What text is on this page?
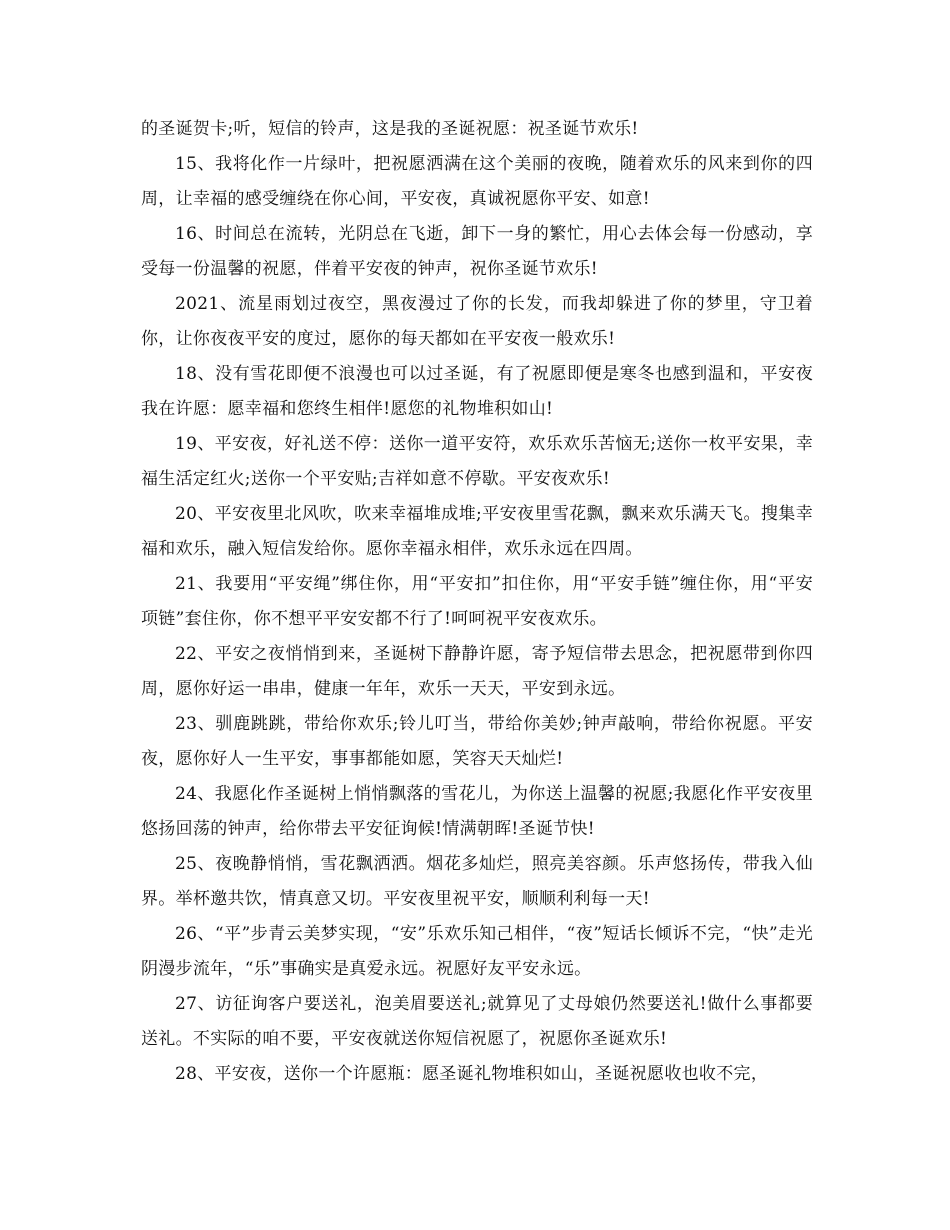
的圣诞贺卡;听，短信的铃声，这是我的圣诞祝愿：祝圣诞节欢乐!

15、我将化作一片绿叶，把祝愿洒满在这个美丽的夜晚，随着欢乐的风来到你的四周，让幸福的感受缠绕在你心间，平安夜，真诚祝愿你平安、如意!

16、时间总在流转，光阴总在飞逝，卸下一身的繁忙，用心去体会每一份感动，享受每一份温馨的祝愿，伴着平安夜的钟声，祝你圣诞节欢乐!

2021、流星雨划过夜空，黑夜漫过了你的长发，而我却躲进了你的梦里，守卫着你，让你夜夜平安的度过，愿你的每天都如在平安夜一般欢乐!

18、没有雪花即便不浪漫也可以过圣诞，有了祝愿即便是寒冬也感到温和，平安夜我在许愿：愿幸福和您终生相伴!愿您的礼物堆积如山!

19、平安夜，好礼送不停：送你一道平安符，欢乐欢乐苦恼无;送你一枚平安果，幸福生活定红火;送你一个平安贴;吉祥如意不停歇。平安夜欢乐!

20、平安夜里北风吹，吹来幸福堆成堆;平安夜里雪花飘，飘来欢乐满天飞。搜集幸福和欢乐，融入短信发给你。愿你幸福永相伴，欢乐永远在四周。

21、我要用“平安绳”绑住你，用“平安扣”扣住你，用“平安手链”缠住你，用“平安项链”套住你，你不想平平安安都不行了!呵呵祝平安夜欢乐。

22、平安之夜悄悄到来，圣诞树下静静许愿，寄予短信带去思念，把祝愿带到你四周，愿你好运一串串，健康一年年，欢乐一天天，平安到永远。

23、驯鹿跳跳，带给你欢乐;铃儿叮当，带给你美妙;钟声敲响，带给你祝愿。平安夜，愿你好人一生平安，事事都能如愿，笑容天天灿烂!

24、我愿化作圣诞树上悄悄飘落的雪花儿，为你送上温馨的祝愿;我愿化作平安夜里悠扬回荡的钟声，给你带去平安征询候!情满朝晖!圣诞节快!

25、夜晚静悄悄，雪花飘洒洒。烟花多灿烂，照亮美容颜。乐声悠扬传，带我入仙界。举杯邀共饮，情真意又切。平安夜里祝平安，顺顺利利每一天!

26、“平”步青云美梦实现，“安”乐欢乐知己相伴，“夜”短话长倾诉不完，“快”走光阴漫步流年，“乐”事确实是真爱永远。祝愿好友平安永远。

27、访征询客户要送礼，泡美眉要送礼;就算见了丈母娘仍然要送礼!做什么事都要送礼。不实际的咱不要，平安夜就送你短信祝愿了，祝愿你圣诞欢乐!

28、平安夜，送你一个许愿瓶：愿圣诞礼物堆积如山，圣诞祝愿收也收不完，
